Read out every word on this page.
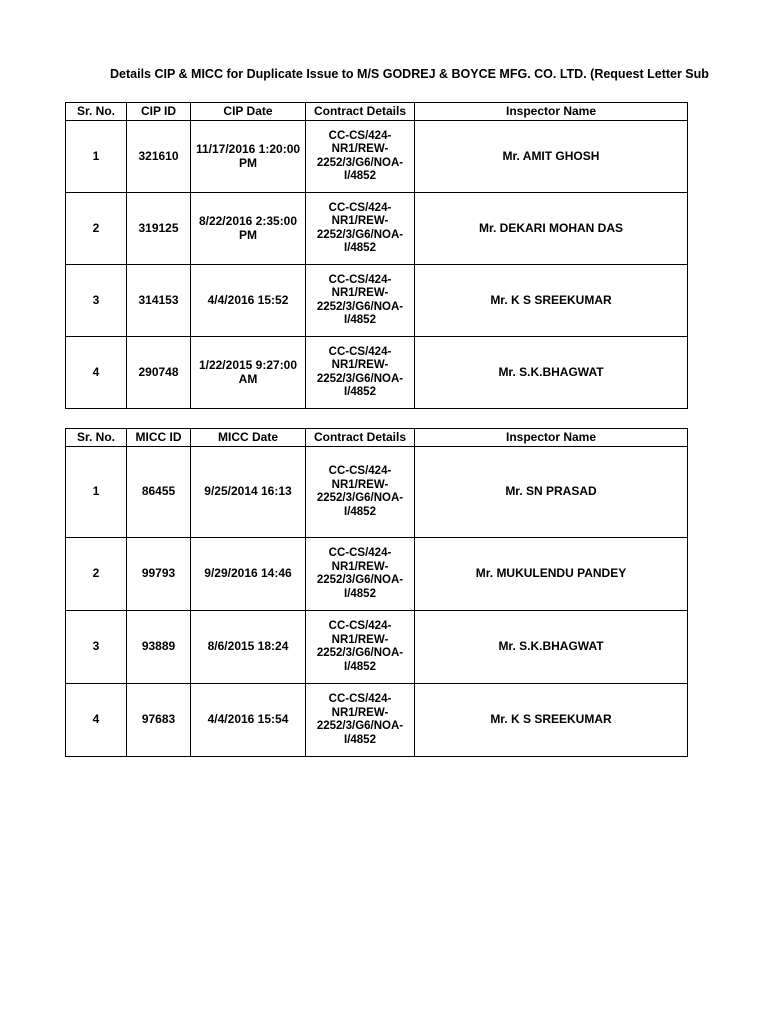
Details CIP & MICC for Duplicate Issue to M/S GODREJ & BOYCE MFG. CO. LTD. (Request Letter Sub
Sr. No.	CIP ID	CIP Date	Contract Details	Inspector Name
1	321610	11/17/2016 1:20:00 PM	CC-CS/424-NR1/REW-2252/3/G6/NOA-I/4852	Mr. AMIT GHOSH
2	319125	8/22/2016 2:35:00 PM	CC-CS/424-NR1/REW-2252/3/G6/NOA-I/4852	Mr. DEKARI MOHAN DAS
3	314153	4/4/2016 15:52	CC-CS/424-NR1/REW-2252/3/G6/NOA-I/4852	Mr. K S SREEKUMAR
4	290748	1/22/2015 9:27:00 AM	CC-CS/424-NR1/REW-2252/3/G6/NOA-I/4852	Mr. S.K.BHAGWAT
Sr. No.	MICC ID	MICC Date	Contract Details	Inspector Name
1	86455	9/25/2014 16:13	CC-CS/424-NR1/REW-2252/3/G6/NOA-I/4852	Mr. SN PRASAD
2	99793	9/29/2016 14:46	CC-CS/424-NR1/REW-2252/3/G6/NOA-I/4852	Mr. MUKULENDU PANDEY
3	93889	8/6/2015 18:24	CC-CS/424-NR1/REW-2252/3/G6/NOA-I/4852	Mr. S.K.BHAGWAT
4	97683	4/4/2016 15:54	CC-CS/424-NR1/REW-2252/3/G6/NOA-I/4852	Mr. K S SREEKUMAR
